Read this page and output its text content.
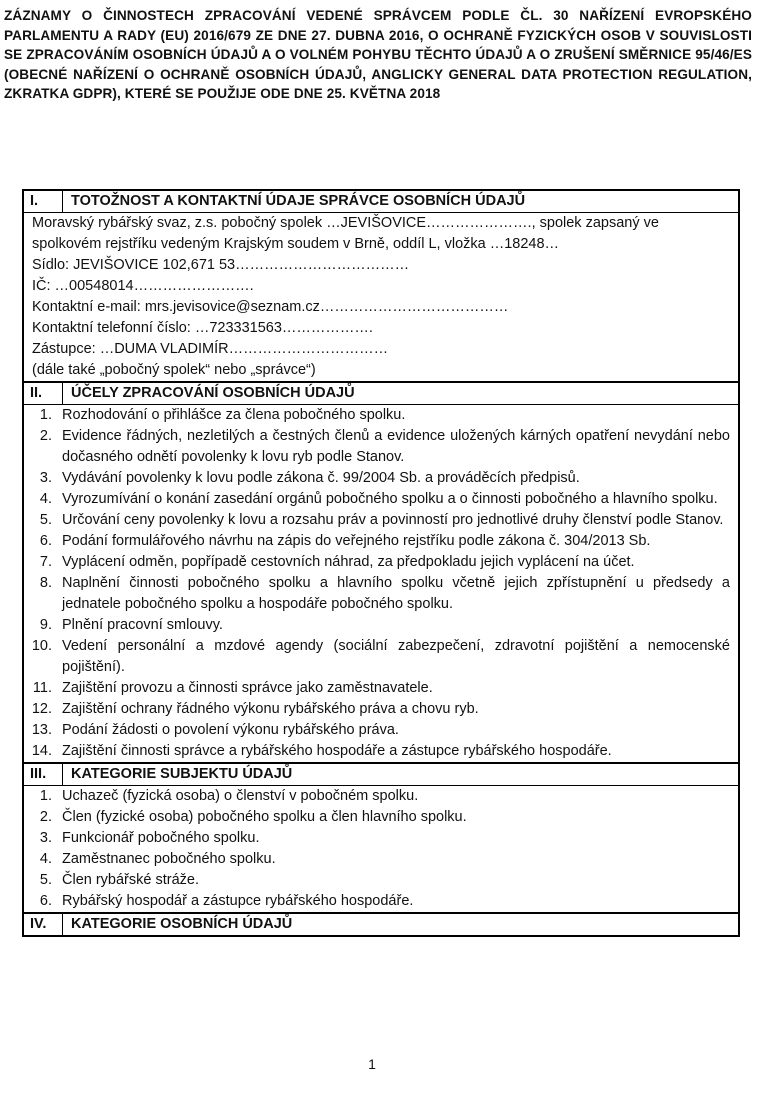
ZÁZNAMY O ČINNOSTECH ZPRACOVÁNÍ VEDENÉ SPRÁVCEM PODLE ČL. 30 NAŘÍZENÍ EVROPSKÉHO PARLAMENTU A RADY (EU) 2016/679 ZE DNE 27. DUBNA 2016, O OCHRANĚ FYZICKÝCH OSOB V SOUVISLOSTI SE ZPRACOVÁNÍM OSOBNÍCH ÚDAJŮ A O VOLNÉM POHYBU TĚCHTO ÚDAJŮ A O ZRUŠENÍ SMĚRNICE 95/46/ES (OBECNÉ NAŘÍZENÍ O OCHRANĚ OSOBNÍCH ÚDAJŮ, ANGLICKY GENERAL DATA PROTECTION REGULATION, ZKRATKA GDPR), KTERÉ SE POUŽIJE ODE DNE 25. KVĚTNA 2018
I.	TOTOŽNOST A KONTAKTNÍ ÚDAJE SPRÁVCE OSOBNÍCH ÚDAJŮ
Moravský rybářský svaz, z.s. pobočný spolek …JEVIŠOVICE…………………., spolek zapsaný ve
spolkovém rejstříku vedeným Krajským soudem v Brně, oddíl L, vložka …18248…
Sídlo: JEVIŠOVICE 102,671 53………………………………
IČ: …00548014…………………….
Kontaktní e-mail: mrs.jevisovice@seznam.cz…………………………………
Kontaktní telefonní číslo: …723331563……………….
Zástupce: …DUMA VLADIMÍR……………………………
(dále také „pobočný spolek“ nebo „správce“)
II.	ÚČELY ZPRACOVÁNÍ OSOBNÍCH ÚDAJŮ
1. Rozhodování o přihlášce za člena pobočného spolku.
2. Evidence řádných, nezletilých a čestných členů a evidence uložených kárných opatření nevydání nebo dočasného odnětí povolenky k lovu ryb podle Stanov.
3. Vydávání povolenky k lovu podle zákona č. 99/2004 Sb. a prováděcích předpisů.
4. Vyrozumívání o konání zasedání orgánů pobočného spolku a o činnosti pobočného a hlavního spolku.
5. Určování ceny povolenky k lovu a rozsahu práv a povinností pro jednotlivé druhy členství podle Stanov.
6. Podání formulářového návrhu na zápis do veřejného rejstříku podle zákona č. 304/2013 Sb.
7. Vyplácení odměn, popřípadě cestovních náhrad, za předpokladu jejich vyplácení na účet.
8. Naplnění činnosti pobočného spolku a hlavního spolku včetně jejich zpřístupnění u předsedy a jednatele pobočného spolku a hospodáře pobočného spolku.
9. Plnění pracovní smlouvy.
10. Vedení personální a mzdové agendy (sociální zabezpečení, zdravotní pojištění a nemocenské pojištění).
11. Zajištění provozu a činnosti správce jako zaměstnavatele.
12. Zajištění ochrany řádného výkonu rybářského práva a chovu ryb.
13. Podání žádosti o povolení výkonu rybářského práva.
14. Zajištění činnosti správce a rybářského hospodáře a zástupce rybářského hospodáře.
III.	KATEGORIE SUBJEKTU ÚDAJŮ
1. Uchazeč (fyzická osoba) o členství v pobočném spolku.
2. Člen (fyzické osoba) pobočného spolku a člen hlavního spolku.
3. Funkcionář pobočného spolku.
4. Zaměstnanec pobočného spolku.
5. Člen rybářské stráže.
6. Rybářský hospodář a zástupce rybářského hospodáře.
IV.	KATEGORIE OSOBNÍCH ÚDAJŮ
1
